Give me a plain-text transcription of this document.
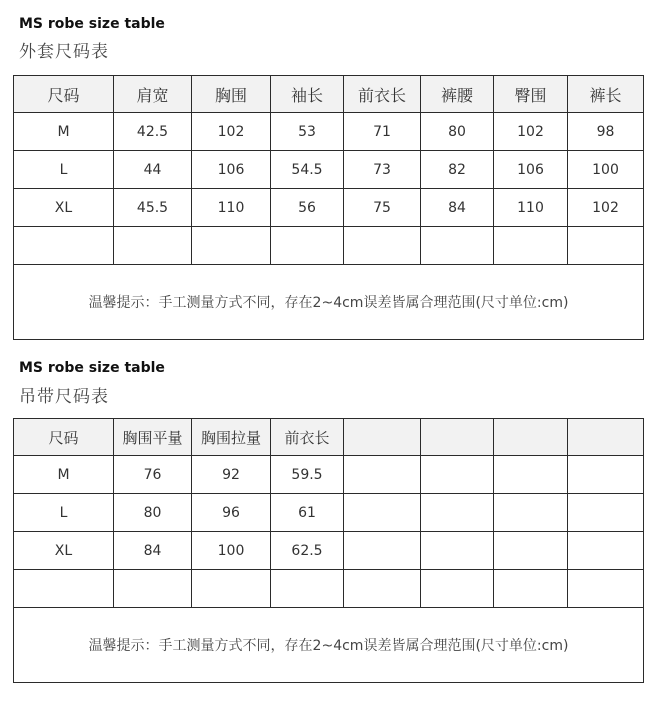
MS robe size table
外套尺码表
尺码	肩宽	胸围	袖长	前衣长	裤腰	臀围	裤长
M	42.5	102	53	71	80	102	98
L	44	106	54.5	73	82	106	100
XL	45.5	110	56	75	84	110	102

温馨提示：手工测量方式不同，存在2~4cm误差皆属合理范围(尺寸单位:cm)							
MS robe size table
吊带尺码表
尺码	胸围平量	胸围拉量	前衣长				
M	76	92	59.5				
L	80	96	61				
XL	84	100	62.5				

温馨提示：手工测量方式不同，存在2~4cm误差皆属合理范围(尺寸单位:cm)							
